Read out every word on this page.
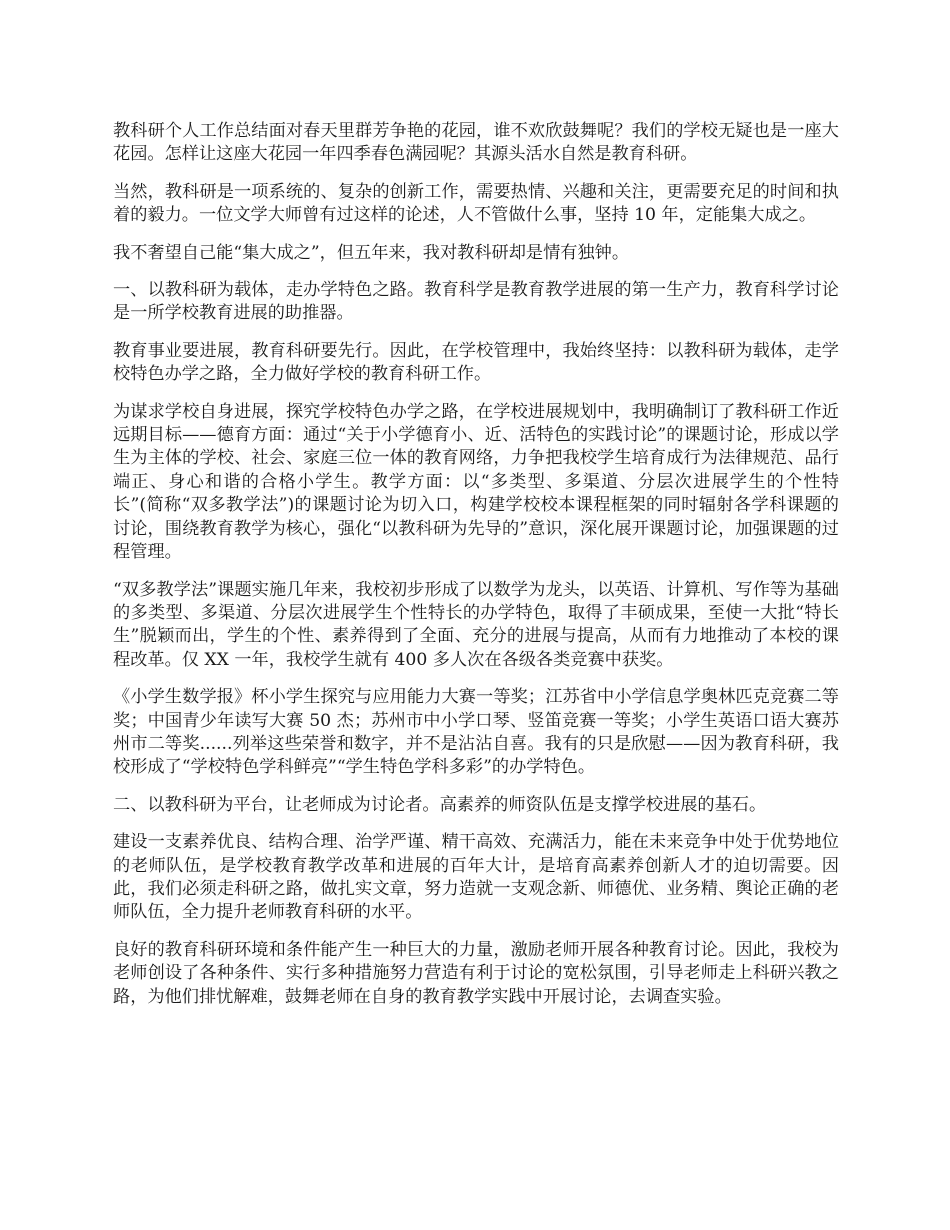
教科研个人工作总结面对春天里群芳争艳的花园，谁不欢欣鼓舞呢？我们的学校无疑也是一座大花园。怎样让这座大花园一年四季春色满园呢？其源头活水自然是教育科研。

当然，教科研是一项系统的、复杂的创新工作，需要热情、兴趣和关注，更需要充足的时间和执着的毅力。一位文学大师曾有过这样的论述，人不管做什么事，坚持 10 年，定能集大成之。

我不奢望自己能“集大成之”，但五年来，我对教科研却是情有独钟。

一、以教科研为载体，走办学特色之路。教育科学是教育教学进展的第一生产力，教育科学讨论是一所学校教育进展的助推器。

教育事业要进展，教育科研要先行。因此，在学校管理中，我始终坚持：以教科研为载体，走学校特色办学之路，全力做好学校的教育科研工作。

为谋求学校自身进展，探究学校特色办学之路，在学校进展规划中，我明确制订了教科研工作近远期目标——德育方面：通过“关于小学德育小、近、活特色的实践讨论”的课题讨论，形成以学生为主体的学校、社会、家庭三位一体的教育网络，力争把我校学生培育成行为法律规范、品行端正、身心和谐的合格小学生。教学方面：以“多类型、多渠道、分层次进展学生的个性特长”(简称“双多教学法”)的课题讨论为切入口，构建学校校本课程框架的同时辐射各学科课题的讨论，围绕教育教学为核心，强化“以教科研为先导的”意识，深化展开课题讨论，加强课题的过程管理。

“双多教学法”课题实施几年来，我校初步形成了以数学为龙头，以英语、计算机、写作等为基础的多类型、多渠道、分层次进展学生个性特长的办学特色，取得了丰硕成果，至使一大批“特长生”脱颖而出，学生的个性、素养得到了全面、充分的进展与提高，从而有力地推动了本校的课程改革。仅 XX 一年，我校学生就有 400 多人次在各级各类竞赛中获奖。

《小学生数学报》杯小学生探究与应用能力大赛一等奖；江苏省中小学信息学奥林匹克竞赛二等奖；中国青少年读写大赛 50 杰；苏州市中小学口琴、竖笛竞赛一等奖；小学生英语口语大赛苏州市二等奖......列举这些荣誉和数字，并不是沾沾自喜。我有的只是欣慰——因为教育科研，我校形成了“学校特色学科鲜亮”“学生特色学科多彩”的办学特色。

二、以教科研为平台，让老师成为讨论者。高素养的师资队伍是支撑学校进展的基石。

建设一支素养优良、结构合理、治学严谨、精干高效、充满活力，能在未来竞争中处于优势地位的老师队伍，是学校教育教学改革和进展的百年大计，是培育高素养创新人才的迫切需要。因此，我们必须走科研之路，做扎实文章，努力造就一支观念新、师德优、业务精、舆论正确的老师队伍，全力提升老师教育科研的水平。

良好的教育科研环境和条件能产生一种巨大的力量，激励老师开展各种教育讨论。因此，我校为老师创设了各种条件、实行多种措施努力营造有利于讨论的宽松氛围，引导老师走上科研兴教之路，为他们排忧解难，鼓舞老师在自身的教育教学实践中开展讨论，去调查实验。
